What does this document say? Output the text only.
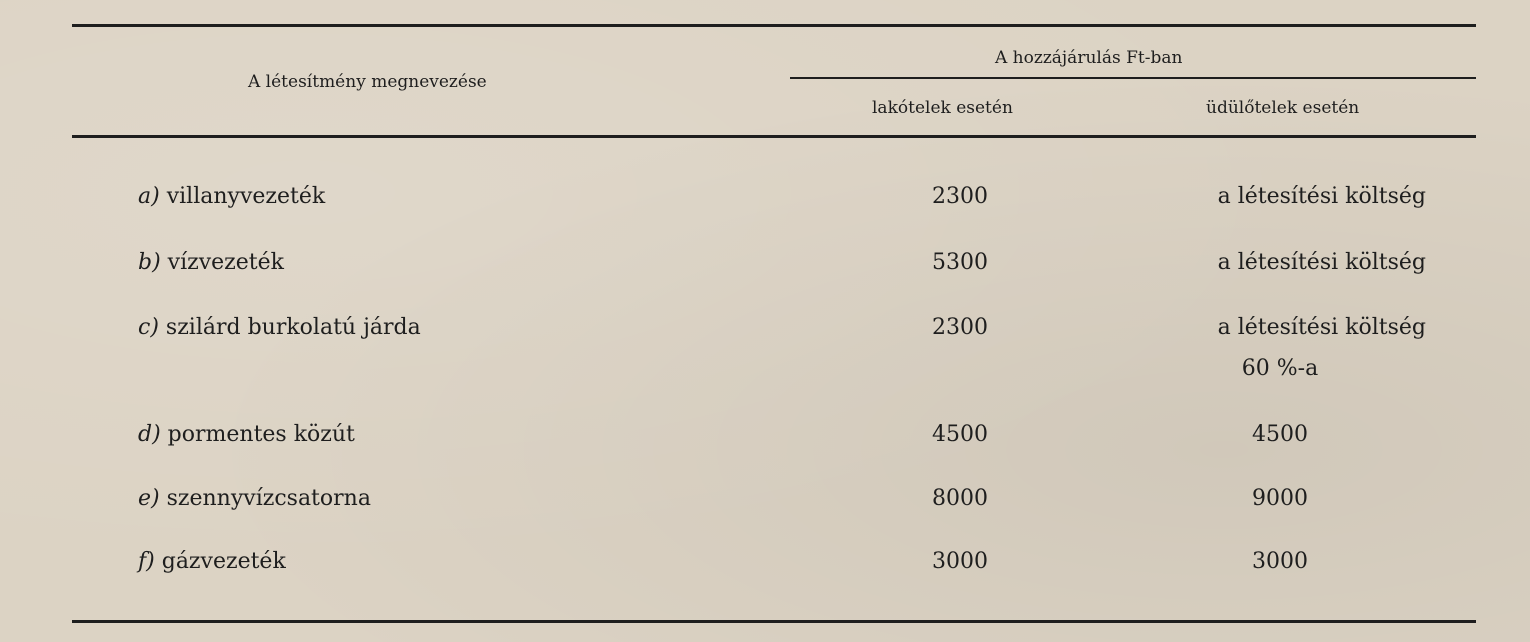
A létesítmény megnevezése
A hozzájárulás Ft-ban
lakótelek esetén	üdülőtelek esetén
a) villanyvezeték	2300	a létesítési költség
b) vízvezeték	5300	a létesítési költség
c) szilárd burkolatú járda	2300	a létesítési költség
60 %-a
d) pormentes közút	4500	4500
e) szennyvízcsatorna	8000	9000
f) gázvezeték	3000	3000
